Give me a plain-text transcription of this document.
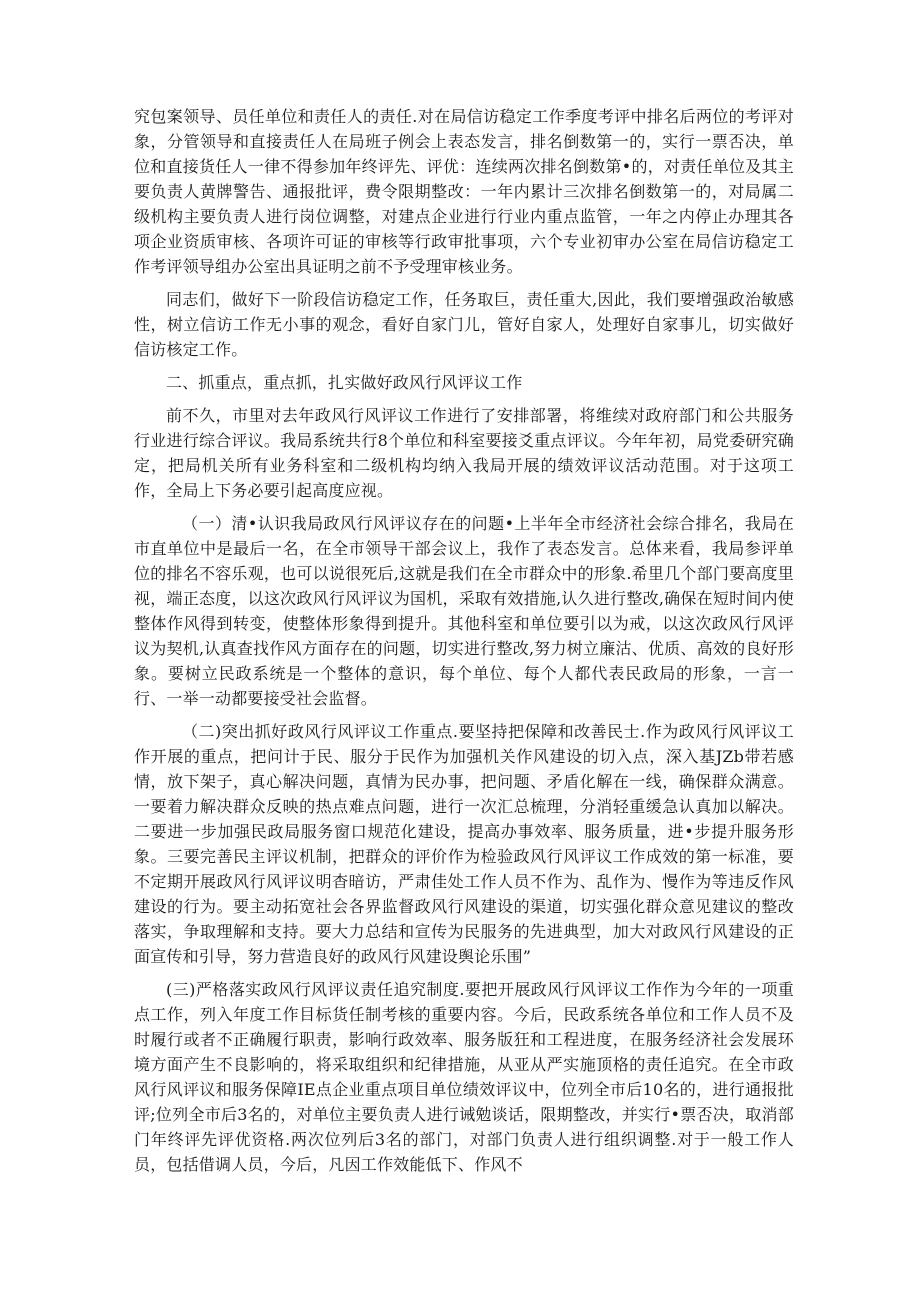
究包案领导、员任单位和责任人的责任.对在局信访稳定工作季度考评中排名后两位的考评对象，分管领导和直接责任人在局班子例会上表态发言，排名倒数第一的，实行一票否决，单位和直接货任人一律不得参加年终评先、评优：连续两次排名倒数第•的，对责任单位及其主要负责人黄牌警告、通报批评，费令限期整改：一年内累计三次排名倒数第一的，对局属二级机构主要负责人进行岗位调整，对建点企业进行行业内重点监管，一年之内停止办理其各项企业资质审核、各项许可证的审核等行政审批事项，六个专业初审办公室在局信访稳定工作考评领导组办公室出具证明之前不予受理审核业务。

同志们，做好下一阶段信访稳定工作，任务取巨，责任重大,因此，我们要增强政治敏感性，树立信访工作无小事的观念，看好自家门儿，管好自家人，处理好自家事儿，切实做好信访核定工作。

二、抓重点，重点抓，扎实做好政风行风评议工作

前不久，市里对去年政风行风评议工作进行了安排部署，将维续对政府部门和公共服务行业进行综合评议。我局系统共行8个单位和科室要接爻重点评议。今年年初，局党委研究确定，把局机关所有业务科室和二级机构均纳入我局开展的绩效评议活动范围。对于这项工作，全局上下务必要引起高度应视。

（一）清•认识我局政风行风评议存在的问题•上半年全市经济社会综合排名，我局在市直单位中是最后一名，在全市领导干部会议上，我作了表态发言。总体来看，我局参评单位的排名不容乐观，也可以说很死后,这就是我们在全市群众中的形象.希里几个部门要高度里视，端正态度，以这次政风行风评议为国机，采取有效措施,认久进行整改,确保在短时间内使整体作风得到转变，使整体形象得到提升。其他科室和单位要引以为戒，以这次政风行风评议为契机,认真查找作风方面存在的问题，切实进行整改,努力树立廉沽、优质、高效的良好形象。要树立民政系统是一个整体的意识，每个单位、每个人都代表民政局的形象，一言一行、一举一动都要接受社会监督。

（二)突出抓好政风行风评议工作重点.要坚持把保障和改善民士.作为政风行风评议工作开展的重点，把问计于民、服分于民作为加强机关作风建设的切入点，深入基JZb带若感情，放下架子，真心解决问题，真情为民办事，把问题、矛盾化解在一线，确保群众满意。一要着力解决群众反映的热点难点问题，进行一次汇总梳理，分消轻重缓急认真加以解决。二要进一步加强民政局服务窗口规范化建设，提高办事效率、服务质量，进•步提升服务形象。三要完善民主评议机制，把群众的评价作为检验政风行风评议工作成效的第一标准，要不定期开展政风行风评议明杳暗访，严肃佳处工作人员不作为、乱作为、慢作为等违反作风建设的行为。要主动拓宽社会各界监督政风行风建设的渠道，切实强化群众意见建议的整改落实，争取理解和支持。要大力总结和宣传为民服务的先进典型，加大对政风行风建设的正面宣传和引导，努力营造良好的政风行风建设舆论乐围”

(三)严格落实政风行风评议责任追究制度.要把开展政风行风评议工作作为今年的一项重点工作，列入年度工作目标货任制考核的重要内容。今后，民政系统各单位和工作人员不及时履行或者不正确履行职责，影响行政效率、服务版狂和工程进度，在服务经济社会发展环境方面产生不良影响的，将采取组织和纪律措施，从亚从严实施顶格的责任追究。在全市政风行风评议和服务保障IE点企业重点项目单位绩效评议中，位列全市后10名的，进行通报批评;位列全市后3名的，对单位主要负责人进行诫勉谈话，限期整改，并实行•票否决，取消部门年终评先评优资格.两次位列后3名的部门，对部门负责人进行组织调整.对于一般工作人员，包括借调人员，今后，凡因工作效能低下、作风不
